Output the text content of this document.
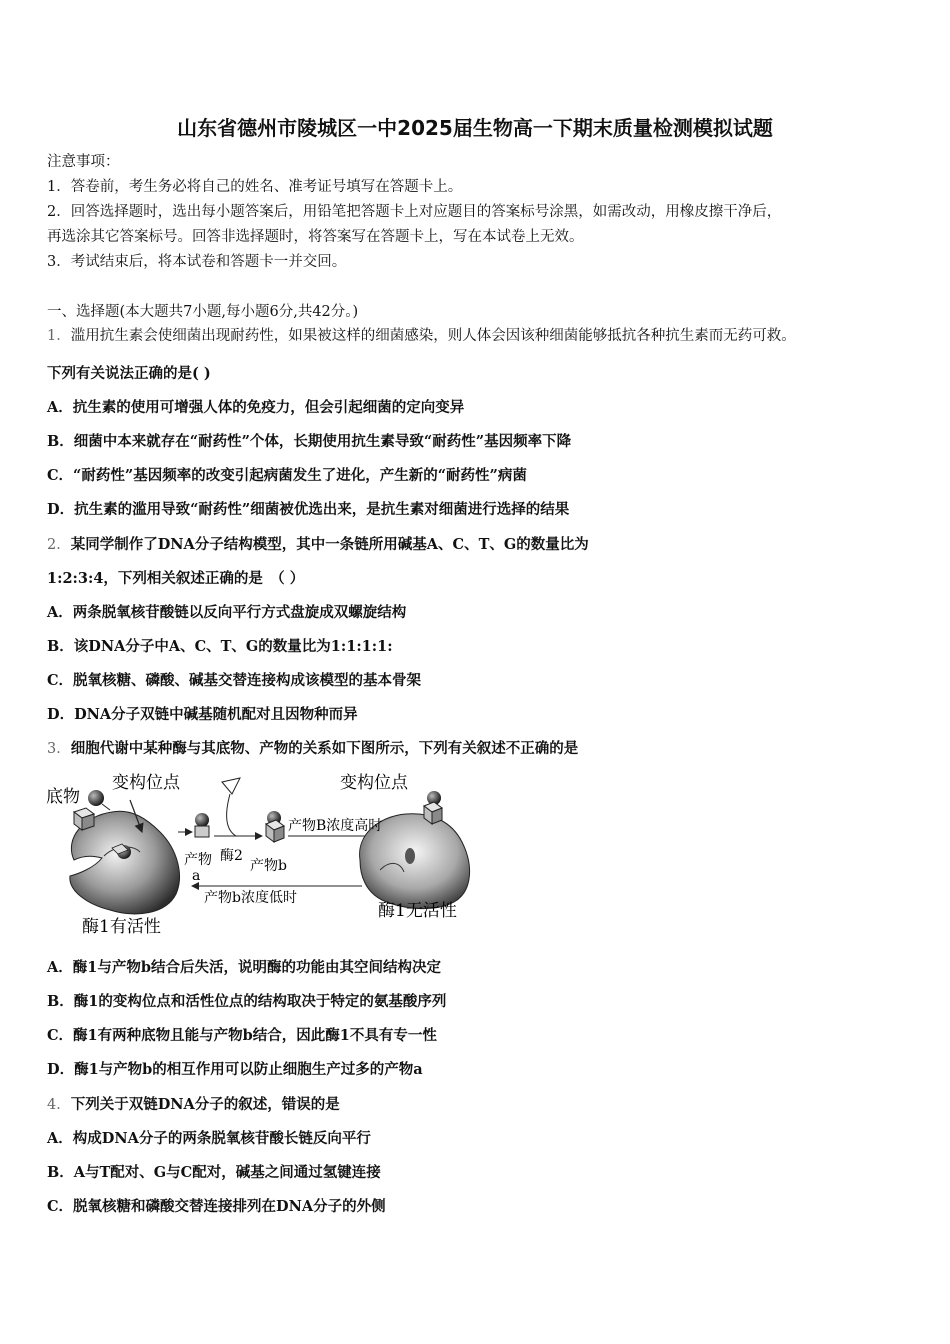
山东省德州市陵城区一中2025届生物高一下期末质量检测模拟试题
注意事项：
1．答卷前，考生务必将自己的姓名、准考证号填写在答题卡上。
2．回答选择题时，选出每小题答案后，用铅笔把答题卡上对应题目的答案标号涂黑，如需改动，用橡皮擦干净后，
再选涂其它答案标号。回答非选择题时，将答案写在答题卡上，写在本试卷上无效。
3．考试结束后，将本试卷和答题卡一并交回。
一、选择题(本大题共7小题,每小题6分,共42分。)
1．滥用抗生素会使细菌出现耐药性，如果被这样的细菌感染，则人体会因该种细菌能够抵抗各种抗生素而无药可救。
下列有关说法正确的是( )
A．抗生素的使用可增强人体的免疫力，但会引起细菌的定向变异
B．细菌中本来就存在“耐药性”个体，长期使用抗生素导致“耐药性”基因频率下降
C．“耐药性”基因频率的改变引起病菌发生了进化，产生新的“耐药性”病菌
D．抗生素的滥用导致“耐药性”细菌被优选出来，是抗生素对细菌进行选择的结果
2．某同学制作了DNA分子结构模型，其中一条链所用碱基A、C、T、G的数量比为
1:2:3:4，下列相关叙述正确的是　（ ）
A．两条脱氧核苷酸链以反向平行方式盘旋成双螺旋结构
B．该DNA分子中A、C、T、G的数量比为1:1:1:1:
C．脱氧核糖、磷酸、碱基交替连接构成该模型的基本骨架
D．DNA分子双链中碱基随机配对且因物种而异
3．细胞代谢中某种酶与其底物、产物的关系如下图所示，下列有关叙述不正确的是
底物
变构位点
产物
a
酶2
产物b
产物B浓度高时
产物b浓度低时
变构位点
酶1有活性
酶1无活性
A．酶1与产物b结合后失活，说明酶的功能由其空间结构决定
B．酶1的变构位点和活性位点的结构取决于特定的氨基酸序列
C．酶1有两种底物且能与产物b结合，因此酶1不具有专一性
D．酶1与产物b的相互作用可以防止细胞生产过多的产物a
4．下列关于双链DNA分子的叙述，错误的是
A．构成DNA分子的两条脱氧核苷酸长链反向平行
B．A与T配对、G与C配对，碱基之间通过氢键连接
C．脱氧核糖和磷酸交替连接排列在DNA分子的外侧
